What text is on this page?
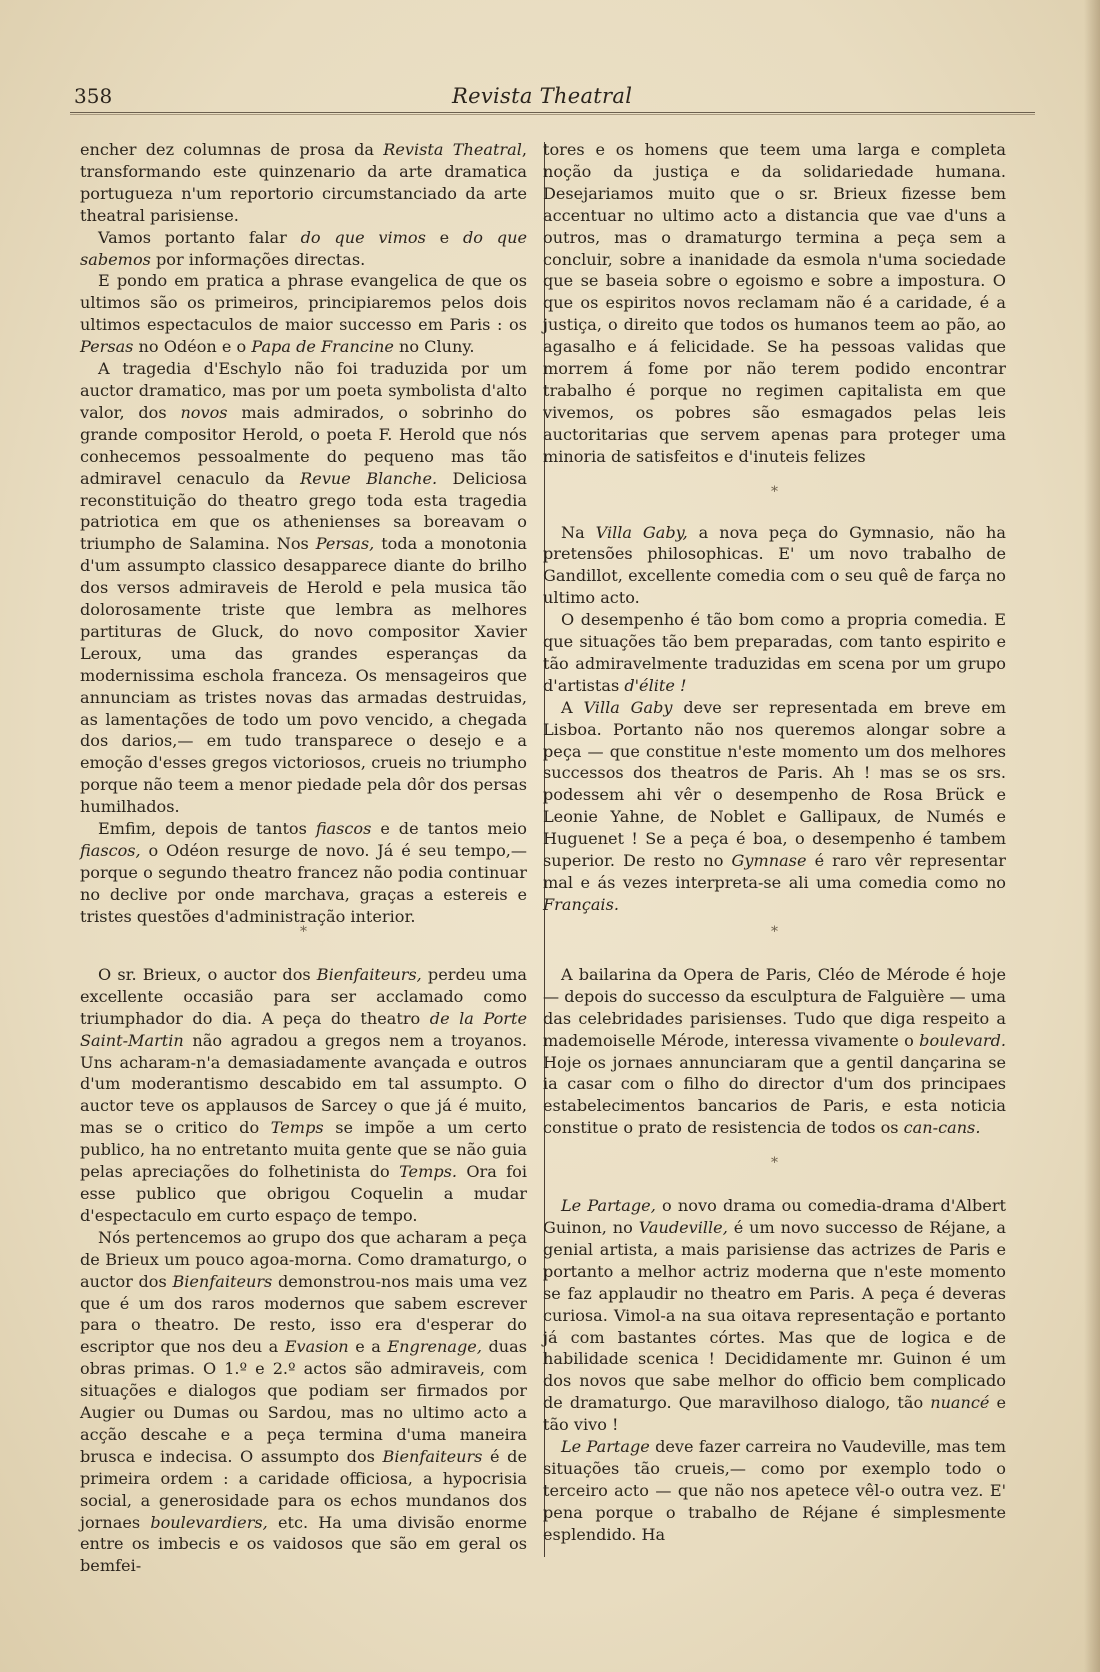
358	Revista Theatral

encher dez columnas de prosa da Revista Theatral, transformando este quinzenario da arte dramatica portugueza n'um reportorio circumstanciado da arte theatral parisiense.

Vamos portanto falar do que vimos e do que sabemos por informações directas.

E pondo em pratica a phrase evangelica de que os ultimos são os primeiros, principiaremos pelos dois ultimos espectaculos de maior successo em Paris : os Persas no Odéon e o Papa de Francine no Cluny.

A tragedia d'Eschylo não foi traduzida por um auctor dramatico, mas por um poeta symbolista d'alto valor, dos novos mais admirados, o sobrinho do grande compositor Herold, o poeta F. Herold que nós conhecemos pessoalmente do pequeno mas tão admiravel cenaculo da Revue Blanche. Deliciosa reconstituição do theatro grego toda esta tragedia patriotica em que os athenienses sa boreavam o triumpho de Salamina. Nos Persas, toda a monotonia d'um assumpto classico desapparece diante do brilho dos versos admiraveis de Herold e pela musica tão dolorosamente triste que lembra as melhores partituras de Gluck, do novo compositor Xavier Leroux, uma das grandes esperanças da modernissima eschola franceza. Os mensageiros que annunciam as tristes novas das armadas destruidas, as lamentações de todo um povo vencido, a chegada dos darios,— em tudo transparece o desejo e a emoção d'esses gregos victoriosos, crueis no triumpho porque não teem a menor piedade pela dôr dos persas humilhados.

Emfim, depois de tantos fiascos e de tantos meio fiascos, o Odéon resurge de novo. Já é seu tempo,— porque o segundo theatro francez não podia continuar no declive por onde marchava, graças a estereis e tristes questões d'administração interior.

*

O sr. Brieux, o auctor dos Bienfaiteurs, perdeu uma excellente occasião para ser acclamado como triumphador do dia. A peça do theatro de la Porte Saint-Martin não agradou a gregos nem a troyanos. Uns acharam-n'a demasiadamente avançada e outros d'um moderantismo descabido em tal assumpto. O auctor teve os applausos de Sarcey o que já é muito, mas se o critico do Temps se impõe a um certo publico, ha no entretanto muita gente que se não guia pelas apreciações do folhetinista do Temps. Ora foi esse publico que obrigou Coquelin a mudar d'espectaculo em curto espaço de tempo.

Nós pertencemos ao grupo dos que acharam a peça de Brieux um pouco agoa-morna. Como dramaturgo, o auctor dos Bienfaiteurs demonstrou-nos mais uma vez que é um dos raros modernos que sabem escrever para o theatro. De resto, isso era d'esperar do escriptor que nos deu a Evasion e a Engrenage, duas obras primas. O 1.º e 2.º actos são admiraveis, com situações e dialogos que podiam ser firmados por Augier ou Dumas ou Sardou, mas no ultimo acto a acção descahe e a peça termina d'uma maneira brusca e indecisa. O assumpto dos Bienfaiteurs é de primeira ordem : a caridade officiosa, a hypocrisia social, a generosidade para os echos mundanos dos jornaes boulevardiers, etc. Ha uma divisão enorme entre os imbecis e os vaidosos que são em geral os bemfei-

tores e os homens que teem uma larga e completa noção da justiça e da solidariedade humana. Desejariamos muito que o sr. Brieux fizesse bem accentuar no ultimo acto a distancia que vae d'uns a outros, mas o dramaturgo termina a peça sem a concluir, sobre a inanidade da esmola n'uma sociedade que se baseia sobre o egoismo e sobre a impostura. O que os espiritos novos reclamam não é a caridade, é a justiça, o direito que todos os humanos teem ao pão, ao agasalho e á felicidade. Se ha pessoas validas que morrem á fome por não terem podido encontrar trabalho é porque no regimen capitalista em que vivemos, os pobres são esmagados pelas leis auctoritarias que servem apenas para proteger uma minoria de satisfeitos e d'inuteis felizes

*

Na Villa Gaby, a nova peça do Gymnasio, não ha pretensões philosophicas. E' um novo trabalho de Gandillot, excellente comedia com o seu quê de farça no ultimo acto.

O desempenho é tão bom como a propria comedia. E que situações tão bem preparadas, com tanto espirito e tão admiravelmente traduzidas em scena por um grupo d'artistas d'élite !

A Villa Gaby deve ser representada em breve em Lisboa. Portanto não nos queremos alongar sobre a peça — que constitue n'este momento um dos melhores successos dos theatros de Paris. Ah ! mas se os srs. podessem ahi vêr o desempenho de Rosa Brück e Leonie Yahne, de Noblet e Gallipaux, de Numés e Huguenet ! Se a peça é boa, o desempenho é tambem superior. De resto no Gymnase é raro vêr representar mal e ás vezes interpreta-se ali uma comedia como no Français.

*

A bailarina da Opera de Paris, Cléo de Mérode é hoje — depois do successo da esculptura de Falguière — uma das celebridades parisienses. Tudo que diga respeito a mademoiselle Mérode, interessa vivamente o boulevard. Hoje os jornaes annunciaram que a gentil dançarina se ia casar com o filho do director d'um dos principaes estabelecimentos bancarios de Paris, e esta noticia constitue o prato de resistencia de todos os can-cans.

*

Le Partage, o novo drama ou comedia-drama d'Albert Guinon, no Vaudeville, é um novo successo de Réjane, a genial artista, a mais parisiense das actrizes de Paris e portanto a melhor actriz moderna que n'este momento se faz applaudir no theatro em Paris. A peça é deveras curiosa. Vimol-a na sua oitava representação e portanto já com bastantes córtes. Mas que de logica e de habilidade scenica ! Decididamente mr. Guinon é um dos novos que sabe melhor do officio bem complicado de dramaturgo. Que maravilhoso dialogo, tão nuancé e tão vivo !

Le Partage deve fazer carreira no Vaudeville, mas tem situações tão crueis,— como por exemplo todo o terceiro acto — que não nos apetece vêl-o outra vez. E' pena porque o trabalho de Réjane é simplesmente esplendido. Ha
